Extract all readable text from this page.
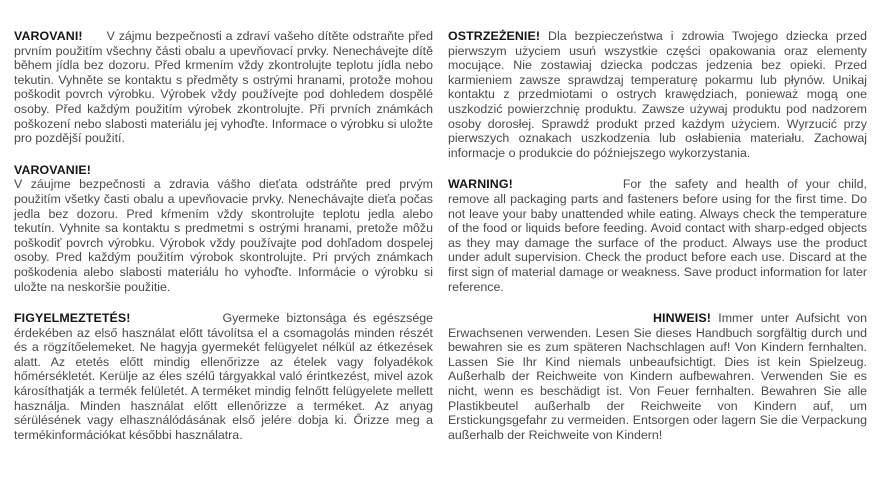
VAROVANI! V zájmu bezpečnosti a zdraví vašeho dítěte odstraňte před prvním použitím všechny části obalu a upevňovací prvky. Nenechávejte dítě během jídla bez dozoru. Před krmením vždy zkontrolujte teplotu jídla nebo tekutin. Vyhněte se kontaktu s předměty s ostrými hranami, protože mohou poškodit povrch výrobku. Výrobek vždy používejte pod dohledem dospělé osoby. Před každým použitím výrobek zkontrolujte. Při prvních známkách poškození nebo slabosti materiálu jej vyhoďte. Informace o výrobku si uložte pro pozdější použití.

VAROVANIE!
V záujme bezpečnosti a zdravia vášho dieťata odstráňte pred prvým použitím všetky časti obalu a upevňovacie prvky. Nenechávajte dieťa počas jedla bez dozoru. Pred kŕmením vždy skontrolujte teplotu jedla alebo tekutín. Vyhnite sa kontaktu s predmetmi s ostrými hranami, pretože môžu poškodiť povrch výrobku. Výrobok vždy používajte pod dohľadom dospelej osoby. Pred každým použitím výrobok skontrolujte. Pri prvých známkach poškodenia alebo slabosti materiálu ho vyhoďte. Informácie o výrobku si uložte na neskoršie použitie.

FIGYELMEZTETÉS!	Gyermeke biztonsága és egészsége érdekében az első használat előtt távolítsa el a csomagolás minden részét és a rögzítőelemeket. Ne hagyja gyermekét felügyelet nélkül az étkezések alatt. Az etetés előtt mindig ellenőrizze az ételek vagy folyadékok hőmérsékletét. Kerülje az éles szélű tárgyakkal való érintkezést, mivel azok károsíthatják a termék felületét. A terméket mindig felnőtt felügyelete mellett használja. Minden használat előtt ellenőrizze a terméket. Az anyag sérülésének vagy elhasználódásának első jelére dobja ki. Őrizze meg a termékinformációkat későbbi használatra.

OSTRZEŻENIE! Dla bezpieczeństwa i zdrowia Twojego dziecka przed pierwszym użyciem usuń wszystkie części opakowania oraz elementy mocujące. Nie zostawiaj dziecka podczas jedzenia bez opieki. Przed karmieniem zawsze sprawdzaj temperaturę pokarmu lub płynów. Unikaj kontaktu z przedmiotami o ostrych krawędziach, ponieważ mogą one uszkodzić powierzchnię produktu. Zawsze używaj produktu pod nadzorem osoby dorosłej. Sprawdź produkt przed każdym użyciem. Wyrzucić przy pierwszych oznakach uszkodzenia lub osłabienia materiału. Zachowaj informacje o produkcie do późniejszego wykorzystania.

WARNING!	For the safety and health of your child, remove all packaging parts and fasteners before using for the first time. Do not leave your baby unattended while eating. Always check the temperature of the food or liquids before feeding. Avoid contact with sharp-edged objects as they may damage the surface of the product. Always use the product under adult supervision. Check the product before each use. Discard at the first sign of material damage or weakness. Save product information for later reference.

HINWEIS! Immer unter Aufsicht von Erwachsenen verwenden. Lesen Sie dieses Handbuch sorgfältig durch und bewahren sie es zum späteren Nachschlagen auf! Von Kindern fernhalten. Lassen Sie Ihr Kind niemals unbeaufsichtigt. Dies ist kein Spielzeug. Außerhalb der Reichweite von Kindern aufbewahren. Verwenden Sie es nicht, wenn es beschädigt ist. Von Feuer fernhalten. Bewahren Sie alle Plastikbeutel außerhalb der Reichweite von Kindern auf, um Erstickungsgefahr zu vermeiden. Entsorgen oder lagern Sie die Verpackung außerhalb der Reichweite von Kindern!
